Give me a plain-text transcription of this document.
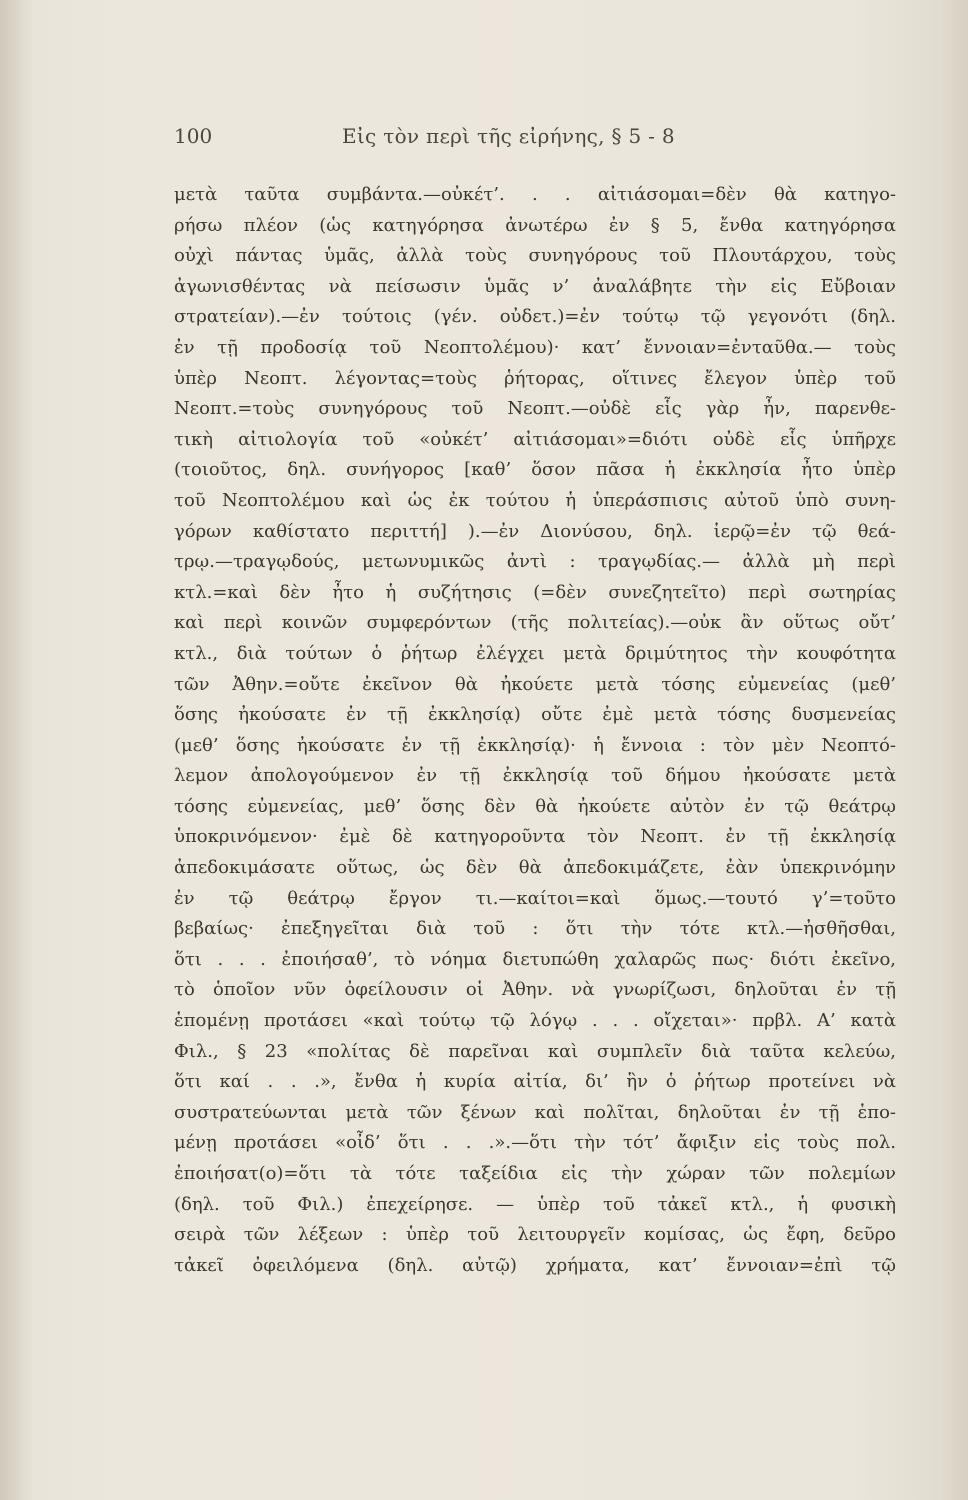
100	Εἰς τὸν περὶ τῆς εἰρήνης, § 5 - 8
μετὰ ταῦτα συμβάντα.—οὐκέτ’. . . αἰτιάσομαι=δὲν θὰ κατηγο-
ρήσω πλέον (ὡς κατηγόρησα ἀνωτέρω ἐν § 5, ἔνθα κατηγόρησα
οὐχὶ πάντας ὑμᾶς, ἀλλὰ τοὺς συνηγόρους τοῦ Πλουτάρχου, τοὺς
ἀγωνισθέντας νὰ πείσωσιν ὑμᾶς ν’ ἀναλάβητε τὴν εἰς Εὔβοιαν
στρατείαν).—ἐν τούτοις (γέν. οὐδετ.)=ἐν τούτῳ τῷ γεγονότι (δηλ.
ἐν τῇ προδοσίᾳ τοῦ Νεοπτολέμου)· κατ’ ἔννοιαν=ἐνταῦθα.— τοὺς
ὑπὲρ Νεοπτ. λέγοντας=τοὺς ῥήτορας, οἵτινες ἔλεγον ὑπὲρ τοῦ
Νεοπτ.=τοὺς συνηγόρους τοῦ Νεοπτ.—οὐδὲ εἷς γὰρ ἦν, παρενθε-
τικὴ αἰτιολογία τοῦ «οὐκέτ’ αἰτιάσομαι»=διότι οὐδὲ εἷς ὑπῆρχε
(τοιοῦτος, δηλ. συνήγορος [καθ’ ὅσον πᾶσα ἡ ἐκκλησία ἦτο ὑπὲρ
τοῦ Νεοπτολέμου καὶ ὡς ἐκ τούτου ἡ ὑπεράσπισις αὐτοῦ ὑπὸ συνη-
γόρων καθίστατο περιττή] ).—ἐν Διονύσου, δηλ. ἱερῷ=ἐν τῷ θεά-
τρῳ.—τραγῳδούς, μετωνυμικῶς ἀντὶ : τραγῳδίας.— ἀλλὰ μὴ περὶ
κτλ.=καὶ δὲν ἦτο ἡ συζήτησις (=δὲν συνεζητεῖτο) περὶ σωτηρίας
καὶ περὶ κοινῶν συμφερόντων (τῆς πολιτείας).—οὐκ ἂν οὕτως οὔτ’
κτλ., διὰ τούτων ὁ ῥήτωρ ἐλέγχει μετὰ δριμύτητος τὴν κουφότητα
τῶν Ἀθην.=οὔτε ἐκεῖνον θὰ ἠκούετε μετὰ τόσης εὐμενείας (μεθ’
ὅσης ἠκούσατε ἐν τῇ ἐκκλησίᾳ) οὔτε ἐμὲ μετὰ τόσης δυσμενείας
(μεθ’ ὅσης ἠκούσατε ἐν τῇ ἐκκλησίᾳ)· ἡ ἔννοια : τὸν μὲν Νεοπτό-
λεμον ἀπολογούμενον ἐν τῇ ἐκκλησίᾳ τοῦ δήμου ἠκούσατε μετὰ
τόσης εὐμενείας, μεθ’ ὅσης δὲν θὰ ἠκούετε αὐτὸν ἐν τῷ θεάτρῳ
ὑποκρινόμενον· ἐμὲ δὲ κατηγοροῦντα τὸν Νεοπτ. ἐν τῇ ἐκκλησίᾳ
ἀπεδοκιμάσατε οὕτως, ὡς δὲν θὰ ἀπεδοκιμάζετε, ἐὰν ὑπεκρινόμην
ἐν τῷ θεάτρῳ ἔργον τι.—καίτοι=καὶ ὅμως.—τουτό γ’=τοῦτο
βεβαίως· ἐπεξηγεῖται διὰ τοῦ : ὅτι τὴν τότε κτλ.—ἠσθῆσθαι,
ὅτι . . . ἐποιήσαθ’, τὸ νόημα διετυπώθη χαλαρῶς πως· διότι ἐκεῖνο,
τὸ ὁποῖον νῦν ὀφείλουσιν οἱ Ἀθην. νὰ γνωρίζωσι, δηλοῦται ἐν τῇ
ἑπομένῃ προτάσει «καὶ τούτῳ τῷ λόγῳ . . . οἴχεται»· πρβλ. Α’ κατὰ
Φιλ., § 23 «πολίτας δὲ παρεῖναι καὶ συμπλεῖν διὰ ταῦτα κελεύω,
ὅτι καί . . .», ἔνθα ἡ κυρία αἰτία, δι’ ἣν ὁ ῥήτωρ προτείνει νὰ
συστρατεύωνται μετὰ τῶν ξένων καὶ πολῖται, δηλοῦται ἐν τῇ ἑπο-
μένῃ προτάσει «οἶδ’ ὅτι . . .».—ὅτι τὴν τότ’ ἄφιξιν εἰς τοὺς πολ.
ἐποιήσατ(ο)=ὅτι τὰ τότε ταξείδια εἰς τὴν χώραν τῶν πολεμίων
(δηλ. τοῦ Φιλ.) ἐπεχείρησε. — ὑπὲρ τοῦ τἀκεῖ κτλ., ἡ φυσικὴ
σειρὰ τῶν λέξεων : ὑπὲρ τοῦ λειτουργεῖν κομίσας, ὡς ἔφη, δεῦρο
τἀκεῖ ὀφειλόμενα (δηλ. αὐτῷ) χρήματα, κατ’ ἔννοιαν=ἐπὶ τῷ
